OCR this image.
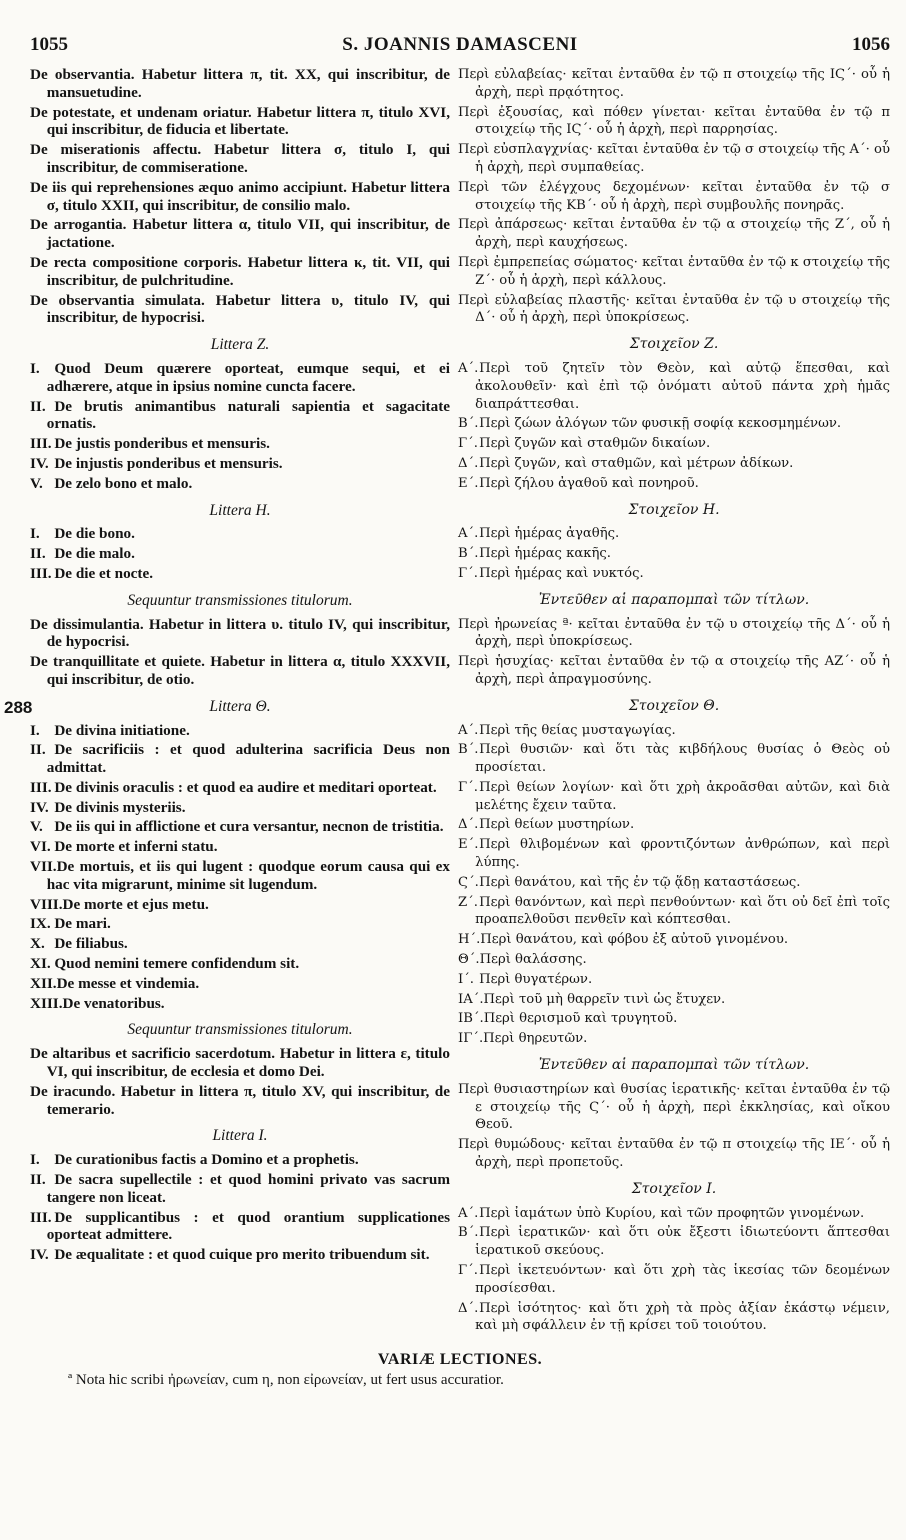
1055	S. JOANNIS DAMASCENI	1056
288
De observantia. Habetur littera π, tit. XX, qui inscribitur, de mansuetudine.
De potestate, et undenam oriatur. Habetur littera π, titulo XVI, qui inscribitur, de fiducia et libertate.
De miserationis affectu. Habetur littera σ, titulo I, qui inscribitur, de commiseratione.
De iis qui reprehensiones æquo animo accipiunt. Habetur littera σ, titulo XXII, qui inscribitur, de consilio malo.
De arrogantia. Habetur littera α, titulo VII, qui inscribitur, de jactatione.
De recta compositione corporis. Habetur littera κ, tit. VII, qui inscribitur, de pulchritudine.
De observantia simulata. Habetur littera υ, titulo IV, qui inscribitur, de hypocrisi.
Littera Z.
I. Quod Deum quærere oporteat, eumque sequi, et ei adhærere, atque in ipsius nomine cuncta facere.
II. De brutis animantibus naturali sapientia et sagacitate ornatis.
III. De justis ponderibus et mensuris.
IV. De injustis ponderibus et mensuris.
V. De zelo bono et malo.
Littera H.
I. De die bono.
II. De die malo.
III. De die et nocte.
Sequuntur transmissiones titulorum.
De dissimulantia. Habetur in littera υ. titulo IV, qui inscribitur, de hypocrisi.
De tranquillitate et quiete. Habetur in littera α, titulo XXXVII, qui inscribitur, de otio.
Littera Θ.
I. De divina initiatione.
II. De sacrificiis : et quod adulterina sacrificia Deus non admittat.
III. De divinis oraculis : et quod ea audire et meditari oporteat.
IV. De divinis mysteriis.
V. De iis qui in afflictione et cura versantur, necnon de tristitia.
VI. De morte et inferni statu.
VII.De mortuis, et iis qui lugent : quodque eorum causa qui ex hac vita migrarunt, minime sit lugendum.
VIII.De morte et ejus metu.
IX. De mari.
X. De filiabus.
XI. Quod nemini temere confidendum sit.
XII.De messe et vindemia.
XIII.De venatoribus.
Sequuntur transmissiones titulorum.
De altaribus et sacrificio sacerdotum. Habetur in littera ε, titulo VI, qui inscribitur, de ecclesia et domo Dei.
De iracundo. Habetur in littera π, titulo XV, qui inscribitur, de temerario.
Littera I.
I. De curationibus factis a Domino et a prophetis.
II. De sacra supellectile : et quod homini privato vas sacrum tangere non liceat.
III. De supplicantibus : et quod orantium supplicationes oporteat admittere.
IV. De æqualitate : et quod cuique pro merito tribuendum sit.
Περὶ εὐλαβείας· κεῖται ἐνταῦθα ἐν τῷ π στοιχείῳ τῆς ΙϚ΄· οὗ ἡ ἀρχὴ, περὶ πρᾳότητος.
Περὶ ἐξουσίας, καὶ πόθεν γίνεται· κεῖται ἐνταῦθα ἐν τῷ π στοιχείῳ τῆς ΙϚ΄· οὗ ἡ ἀρχὴ, περὶ παρρησίας.
Περὶ εὐσπλαγχνίας· κεῖται ἐνταῦθα ἐν τῷ σ στοιχείῳ τῆς Α΄· οὗ ἡ ἀρχὴ, περὶ συμπαθείας.
Περὶ τῶν ἐλέγχους δεχομένων· κεῖται ἐνταῦθα ἐν τῷ σ στοιχείῳ τῆς ΚΒ΄· οὗ ἡ ἀρχὴ, περὶ συμβουλῆς πονηρᾶς.
Περὶ ἀπάρσεως· κεῖται ἐνταῦθα ἐν τῷ α στοιχείῳ τῆς Ζ΄, οὗ ἡ ἀρχὴ, περὶ καυχήσεως.
Περὶ ἐμπρεπείας σώματος· κεῖται ἐνταῦθα ἐν τῷ κ στοιχείῳ τῆς Ζ΄· οὗ ἡ ἀρχὴ, περὶ κάλλους.
Περὶ εὐλαβείας πλαστῆς· κεῖται ἐνταῦθα ἐν τῷ υ στοιχείῳ τῆς Δ΄· οὗ ἡ ἀρχὴ, περὶ ὑποκρίσεως.
Στοιχεῖον Ζ.
Α΄.Περὶ τοῦ ζητεῖν τὸν Θεὸν, καὶ αὐτῷ ἕπεσθαι, καὶ ἀκολουθεῖν· καὶ ἐπὶ τῷ ὀνόματι αὐτοῦ πάντα χρὴ ἡμᾶς διαπράττεσθαι.
Β΄.Περὶ ζώων ἀλόγων τῶν φυσικῇ σοφίᾳ κεκοσμημένων.
Γ΄.Περὶ ζυγῶν καὶ σταθμῶν δικαίων.
Δ΄.Περὶ ζυγῶν, καὶ σταθμῶν, καὶ μέτρων ἀδίκων.
Ε΄.Περὶ ζήλου ἀγαθοῦ καὶ πονηροῦ.
Στοιχεῖον Η.
Α΄.Περὶ ἡμέρας ἀγαθῆς.
Β΄.Περὶ ἡμέρας κακῆς.
Γ΄.Περὶ ἡμέρας καὶ νυκτός.
Ἐντεῦθεν αἱ παραπομπαὶ τῶν τίτλων.
Περὶ ἠρωνείας ª· κεῖται ἐνταῦθα ἐν τῷ υ στοιχείῳ τῆς Δ΄· οὗ ἡ ἀρχὴ, περὶ ὑποκρίσεως.
Περὶ ἡσυχίας· κεῖται ἐνταῦθα ἐν τῷ α στοιχείῳ τῆς ΑΖ΄· οὗ ἡ ἀρχὴ, περὶ ἀπραγμοσύνης.
Στοιχεῖον Θ.
Α΄.Περὶ τῆς θείας μυσταγωγίας.
Β΄.Περὶ θυσιῶν· καὶ ὅτι τὰς κιβδήλους θυσίας ὁ Θεὸς οὐ προσίεται.
Γ΄.Περὶ θείων λογίων· καὶ ὅτι χρὴ ἀκροᾶσθαι αὐτῶν, καὶ διὰ μελέτης ἔχειν ταῦτα.
Δ΄.Περὶ θείων μυστηρίων.
Ε΄.Περὶ θλιβομένων καὶ φροντιζόντων ἀνθρώπων, καὶ περὶ λύπης.
Ϛ΄.Περὶ θανάτου, καὶ τῆς ἐν τῷ ᾅδῃ καταστάσεως.
Ζ΄.Περὶ θανόντων, καὶ περὶ πενθούντων· καὶ ὅτι οὐ δεῖ ἐπὶ τοῖς προαπελθοῦσι πενθεῖν καὶ κόπτεσθαι.
Η΄.Περὶ θανάτου, καὶ φόβου ἐξ αὐτοῦ γινομένου.
Θ΄.Περὶ θαλάσσης.
Ι΄. Περὶ θυγατέρων.
ΙΑ΄.Περὶ τοῦ μὴ θαρρεῖν τινὶ ὡς ἔτυχεν.
ΙΒ΄.Περὶ θερισμοῦ καὶ τρυγητοῦ.
ΙΓ΄.Περὶ θηρευτῶν.
Ἐντεῦθεν αἱ παραπομπαὶ τῶν τίτλων.
Περὶ θυσιαστηρίων καὶ θυσίας ἱερατικῆς· κεῖται ἐνταῦθα ἐν τῷ ε στοιχείῳ τῆς Ϛ΄· οὗ ἡ ἀρχὴ, περὶ ἐκκλησίας, καὶ οἴκου Θεοῦ.
Περὶ θυμώδους· κεῖται ἐνταῦθα ἐν τῷ π στοιχείῳ τῆς ΙΕ΄· οὗ ἡ ἀρχὴ, περὶ προπετοῦς.
Στοιχεῖον Ι.
Α΄.Περὶ ἰαμάτων ὑπὸ Κυρίου, καὶ τῶν προφητῶν γινομένων.
Β΄.Περὶ ἱερατικῶν· καὶ ὅτι οὐκ ἔξεστι ἰδιωτεύοντι ἅπτεσθαι ἱερατικοῦ σκεύους.
Γ΄.Περὶ ἱκετευόντων· καὶ ὅτι χρὴ τὰς ἱκεσίας τῶν δεομένων προσίεσθαι.
Δ΄.Περὶ ἰσότητος· καὶ ὅτι χρὴ τὰ πρὸς ἀξίαν ἑκάστῳ νέμειν, καὶ μὴ σφάλλειν ἐν τῇ κρίσει τοῦ τοιούτου.
VARIÆ LECTIONES.
ª Nota hic scribi ἠρωνείαν, cum η, non εἰρωνείαν, ut fert usus accuratior.
